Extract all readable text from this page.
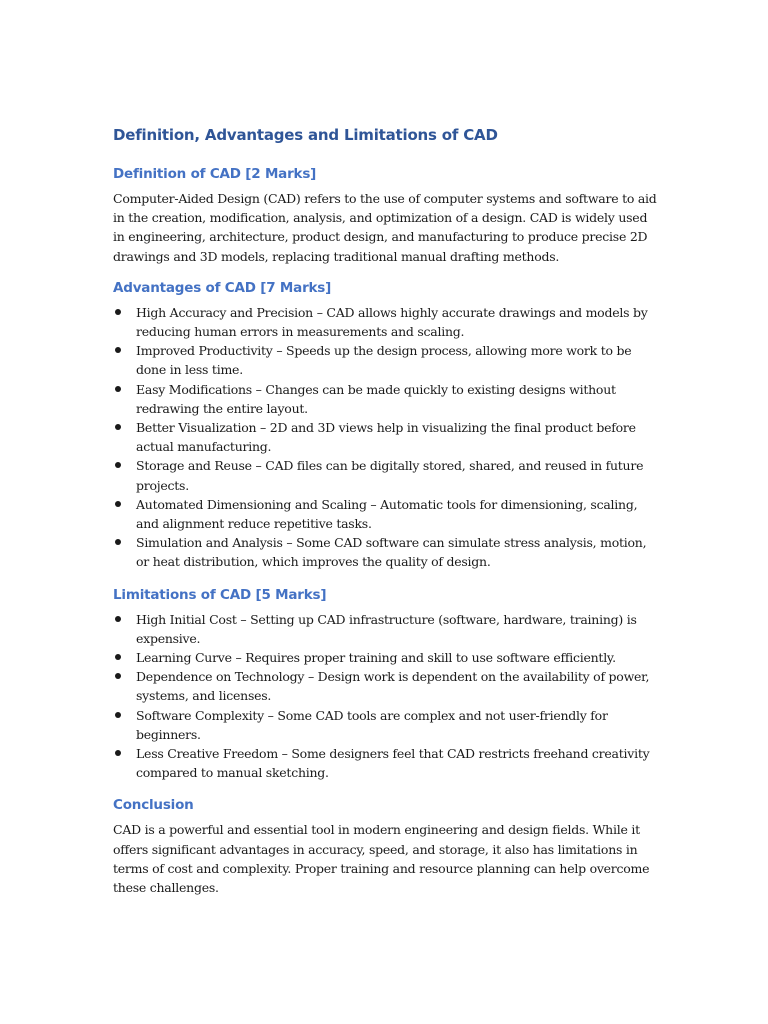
Definition, Advantages and Limitations of CAD
Definition of CAD [2 Marks]

Computer-Aided Design (CAD) refers to the use of computer systems and software to aid in the creation, modification, analysis, and optimization of a design. CAD is widely used in engineering, architecture, product design, and manufacturing to produce precise 2D drawings and 3D models, replacing traditional manual drafting methods.

Advantages of CAD [7 Marks]
High Accuracy and Precision – CAD allows highly accurate drawings and models by reducing human errors in measurements and scaling.
Improved Productivity – Speeds up the design process, allowing more work to be done in less time.
Easy Modifications – Changes can be made quickly to existing designs without redrawing the entire layout.
Better Visualization – 2D and 3D views help in visualizing the final product before actual manufacturing.
Storage and Reuse – CAD files can be digitally stored, shared, and reused in future projects.
Automated Dimensioning and Scaling – Automatic tools for dimensioning, scaling, and alignment reduce repetitive tasks.
Simulation and Analysis – Some CAD software can simulate stress analysis, motion, or heat distribution, which improves the quality of design.
Limitations of CAD [5 Marks]
High Initial Cost – Setting up CAD infrastructure (software, hardware, training) is expensive.
Learning Curve – Requires proper training and skill to use software efficiently.
Dependence on Technology – Design work is dependent on the availability of power, systems, and licenses.
Software Complexity – Some CAD tools are complex and not user-friendly for beginners.
Less Creative Freedom – Some designers feel that CAD restricts freehand creativity compared to manual sketching.
Conclusion

CAD is a powerful and essential tool in modern engineering and design fields. While it offers significant advantages in accuracy, speed, and storage, it also has limitations in terms of cost and complexity. Proper training and resource planning can help overcome these challenges.
